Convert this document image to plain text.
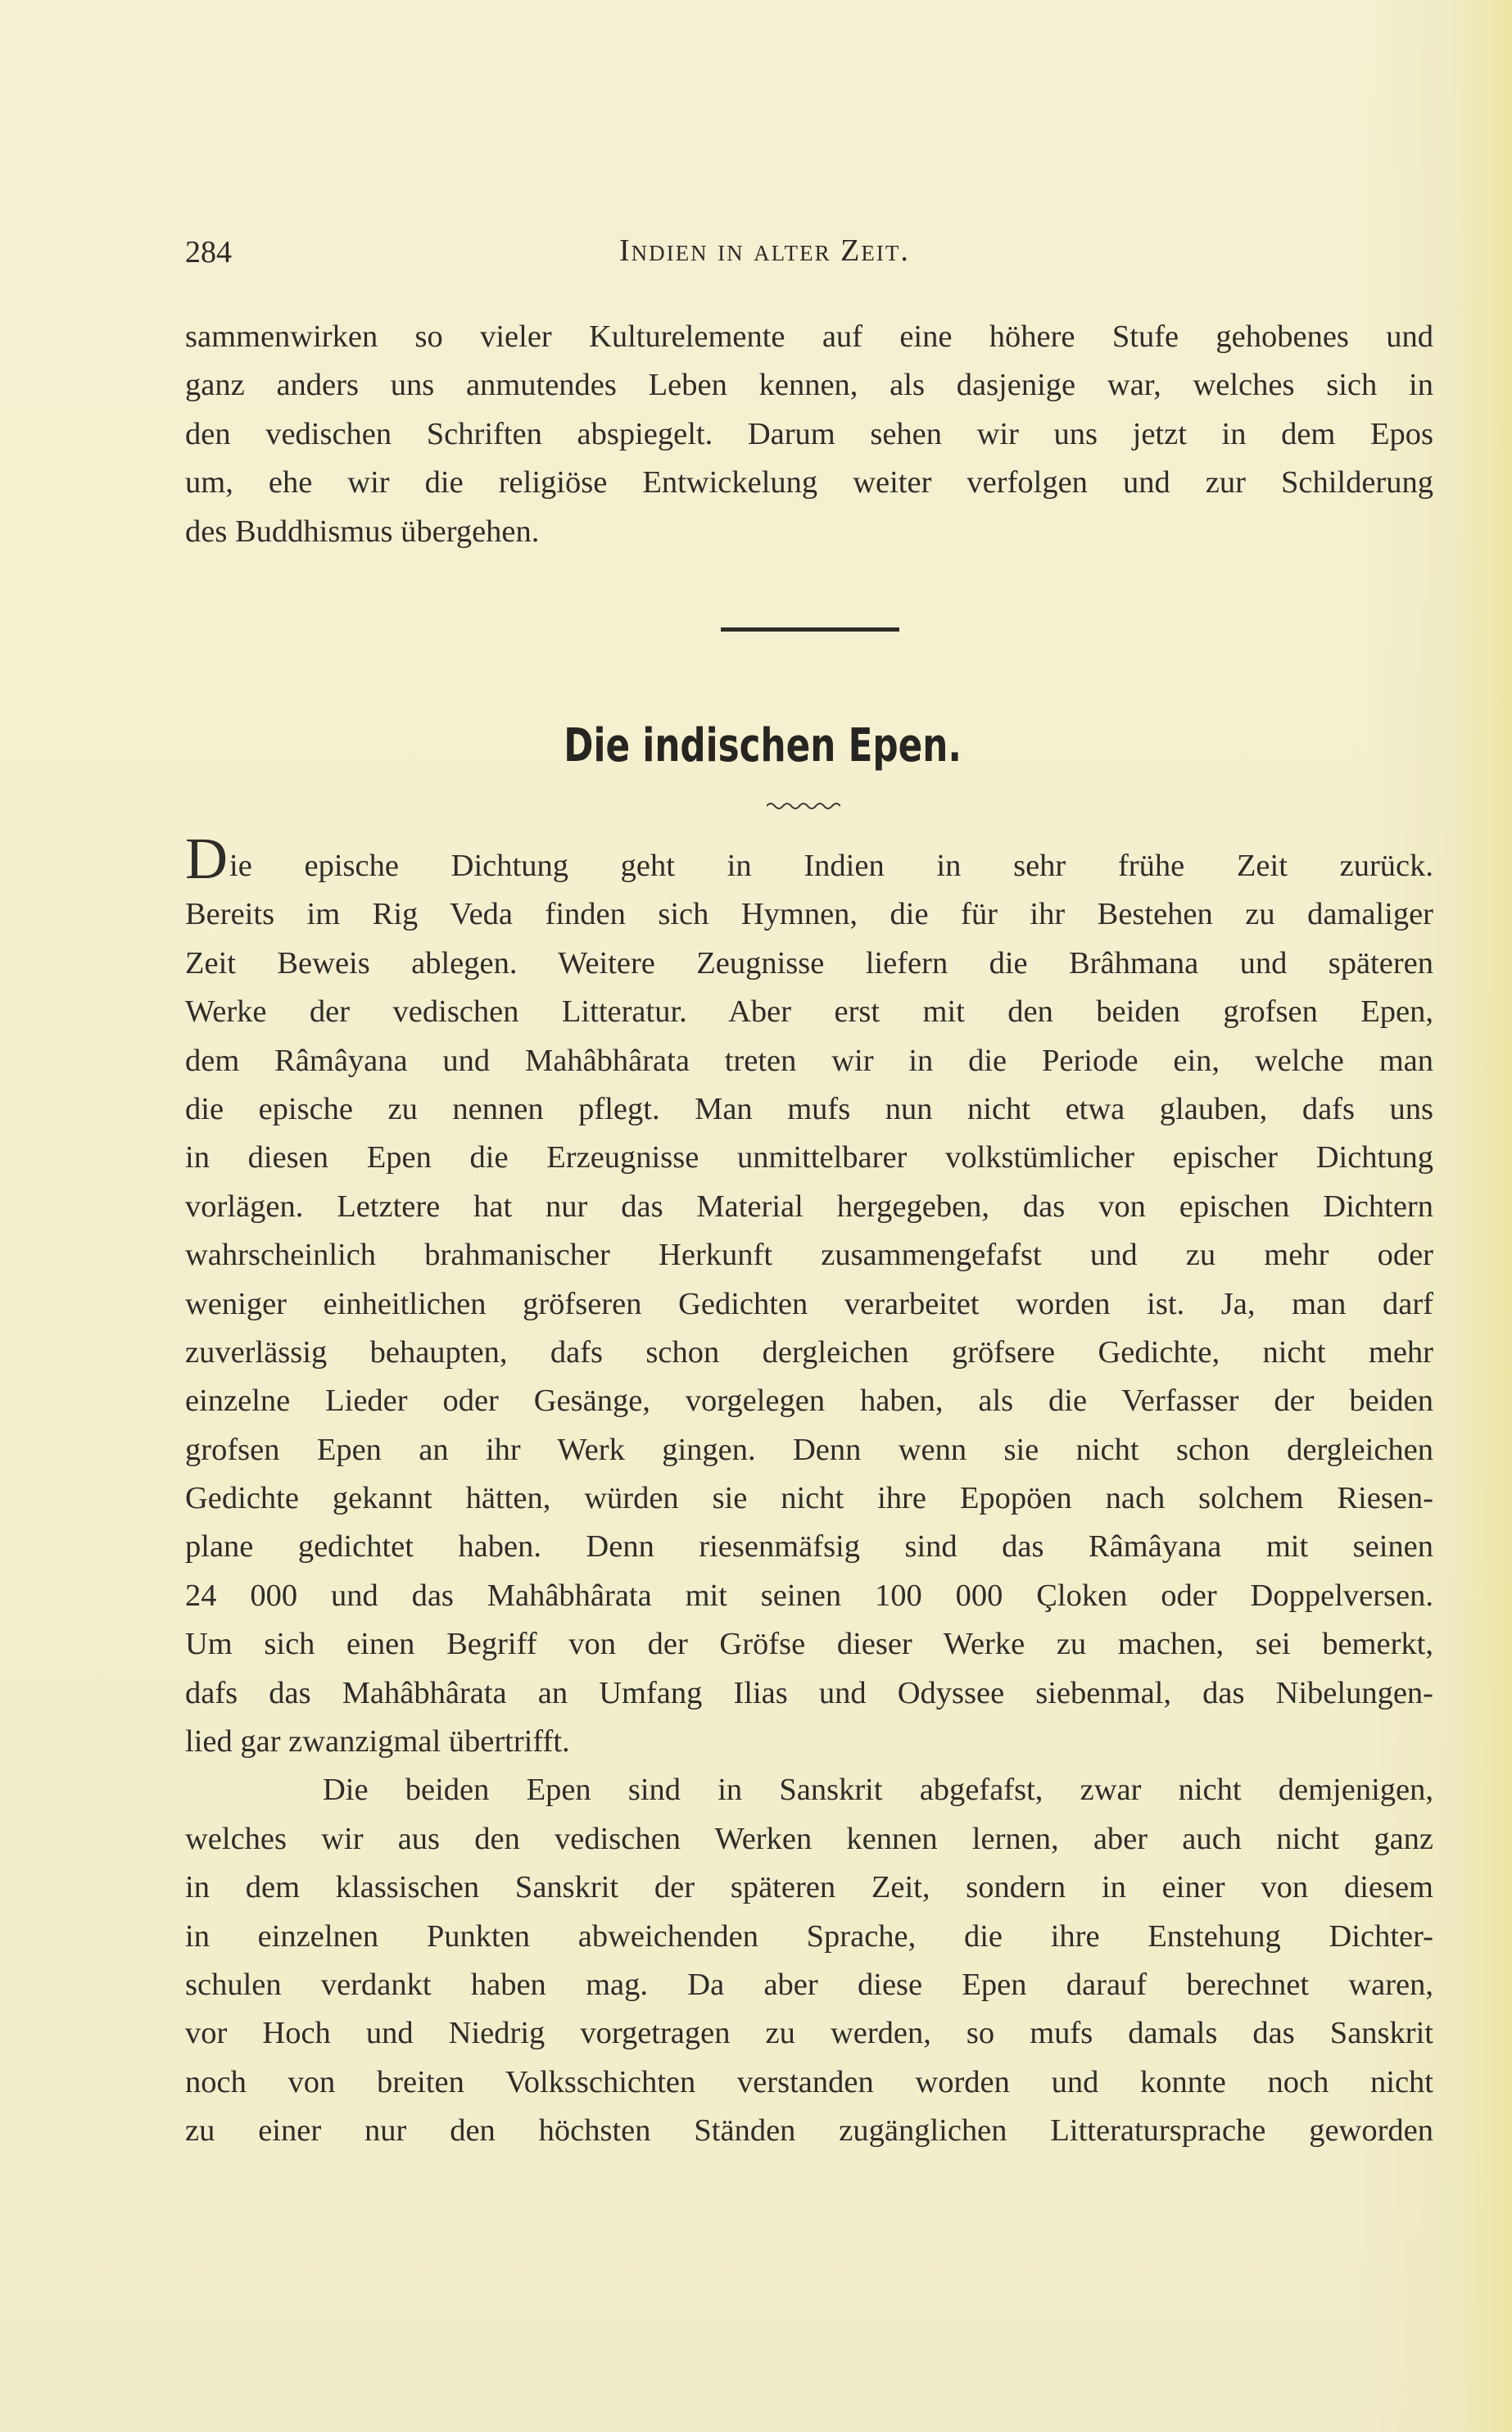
284	Indien in alter Zeit.
sammenwirken so vieler Kulturelemente auf eine höhere Stufe gehobenes und
ganz anders uns anmutendes Leben kennen, als dasjenige war, welches sich in
den vedischen Schriften abspiegelt. Darum sehen wir uns jetzt in dem Epos
um, ehe wir die religiöse Entwickelung weiter verfolgen und zur Schilderung
des Buddhismus übergehen.
Die indischen Epen.
Die epische Dichtung geht in Indien in sehr frühe Zeit zurück.
Bereits im Rig Veda finden sich Hymnen, die für ihr Bestehen zu damaliger
Zeit Beweis ablegen. Weitere Zeugnisse liefern die Brâhmana und späteren
Werke der vedischen Litteratur. Aber erst mit den beiden grofsen Epen,
dem Râmâyana und Mahâbhârata treten wir in die Periode ein, welche man
die epische zu nennen pflegt. Man mufs nun nicht etwa glauben, dafs uns
in diesen Epen die Erzeugnisse unmittelbarer volkstümlicher epischer Dichtung
vorlägen. Letztere hat nur das Material hergegeben, das von epischen Dichtern
wahrscheinlich brahmanischer Herkunft zusammengefafst und zu mehr oder
weniger einheitlichen gröfseren Gedichten verarbeitet worden ist. Ja, man darf
zuverlässig behaupten, dafs schon dergleichen gröfsere Gedichte, nicht mehr
einzelne Lieder oder Gesänge, vorgelegen haben, als die Verfasser der beiden
grofsen Epen an ihr Werk gingen. Denn wenn sie nicht schon dergleichen
Gedichte gekannt hätten, würden sie nicht ihre Epopöen nach solchem Riesen-
plane gedichtet haben. Denn riesenmäfsig sind das Râmâyana mit seinen
24 000 und das Mahâbhârata mit seinen 100 000 Çloken oder Doppelversen.
Um sich einen Begriff von der Gröfse dieser Werke zu machen, sei bemerkt,
dafs das Mahâbhârata an Umfang Ilias und Odyssee siebenmal, das Nibelungen-
lied gar zwanzigmal übertrifft.
Die beiden Epen sind in Sanskrit abgefafst, zwar nicht demjenigen,
welches wir aus den vedischen Werken kennen lernen, aber auch nicht ganz
in dem klassischen Sanskrit der späteren Zeit, sondern in einer von diesem
in einzelnen Punkten abweichenden Sprache, die ihre Enstehung Dichter-
schulen verdankt haben mag. Da aber diese Epen darauf berechnet waren,
vor Hoch und Niedrig vorgetragen zu werden, so mufs damals das Sanskrit
noch von breiten Volksschichten verstanden worden und konnte noch nicht
zu einer nur den höchsten Ständen zugänglichen Litteratursprache geworden
